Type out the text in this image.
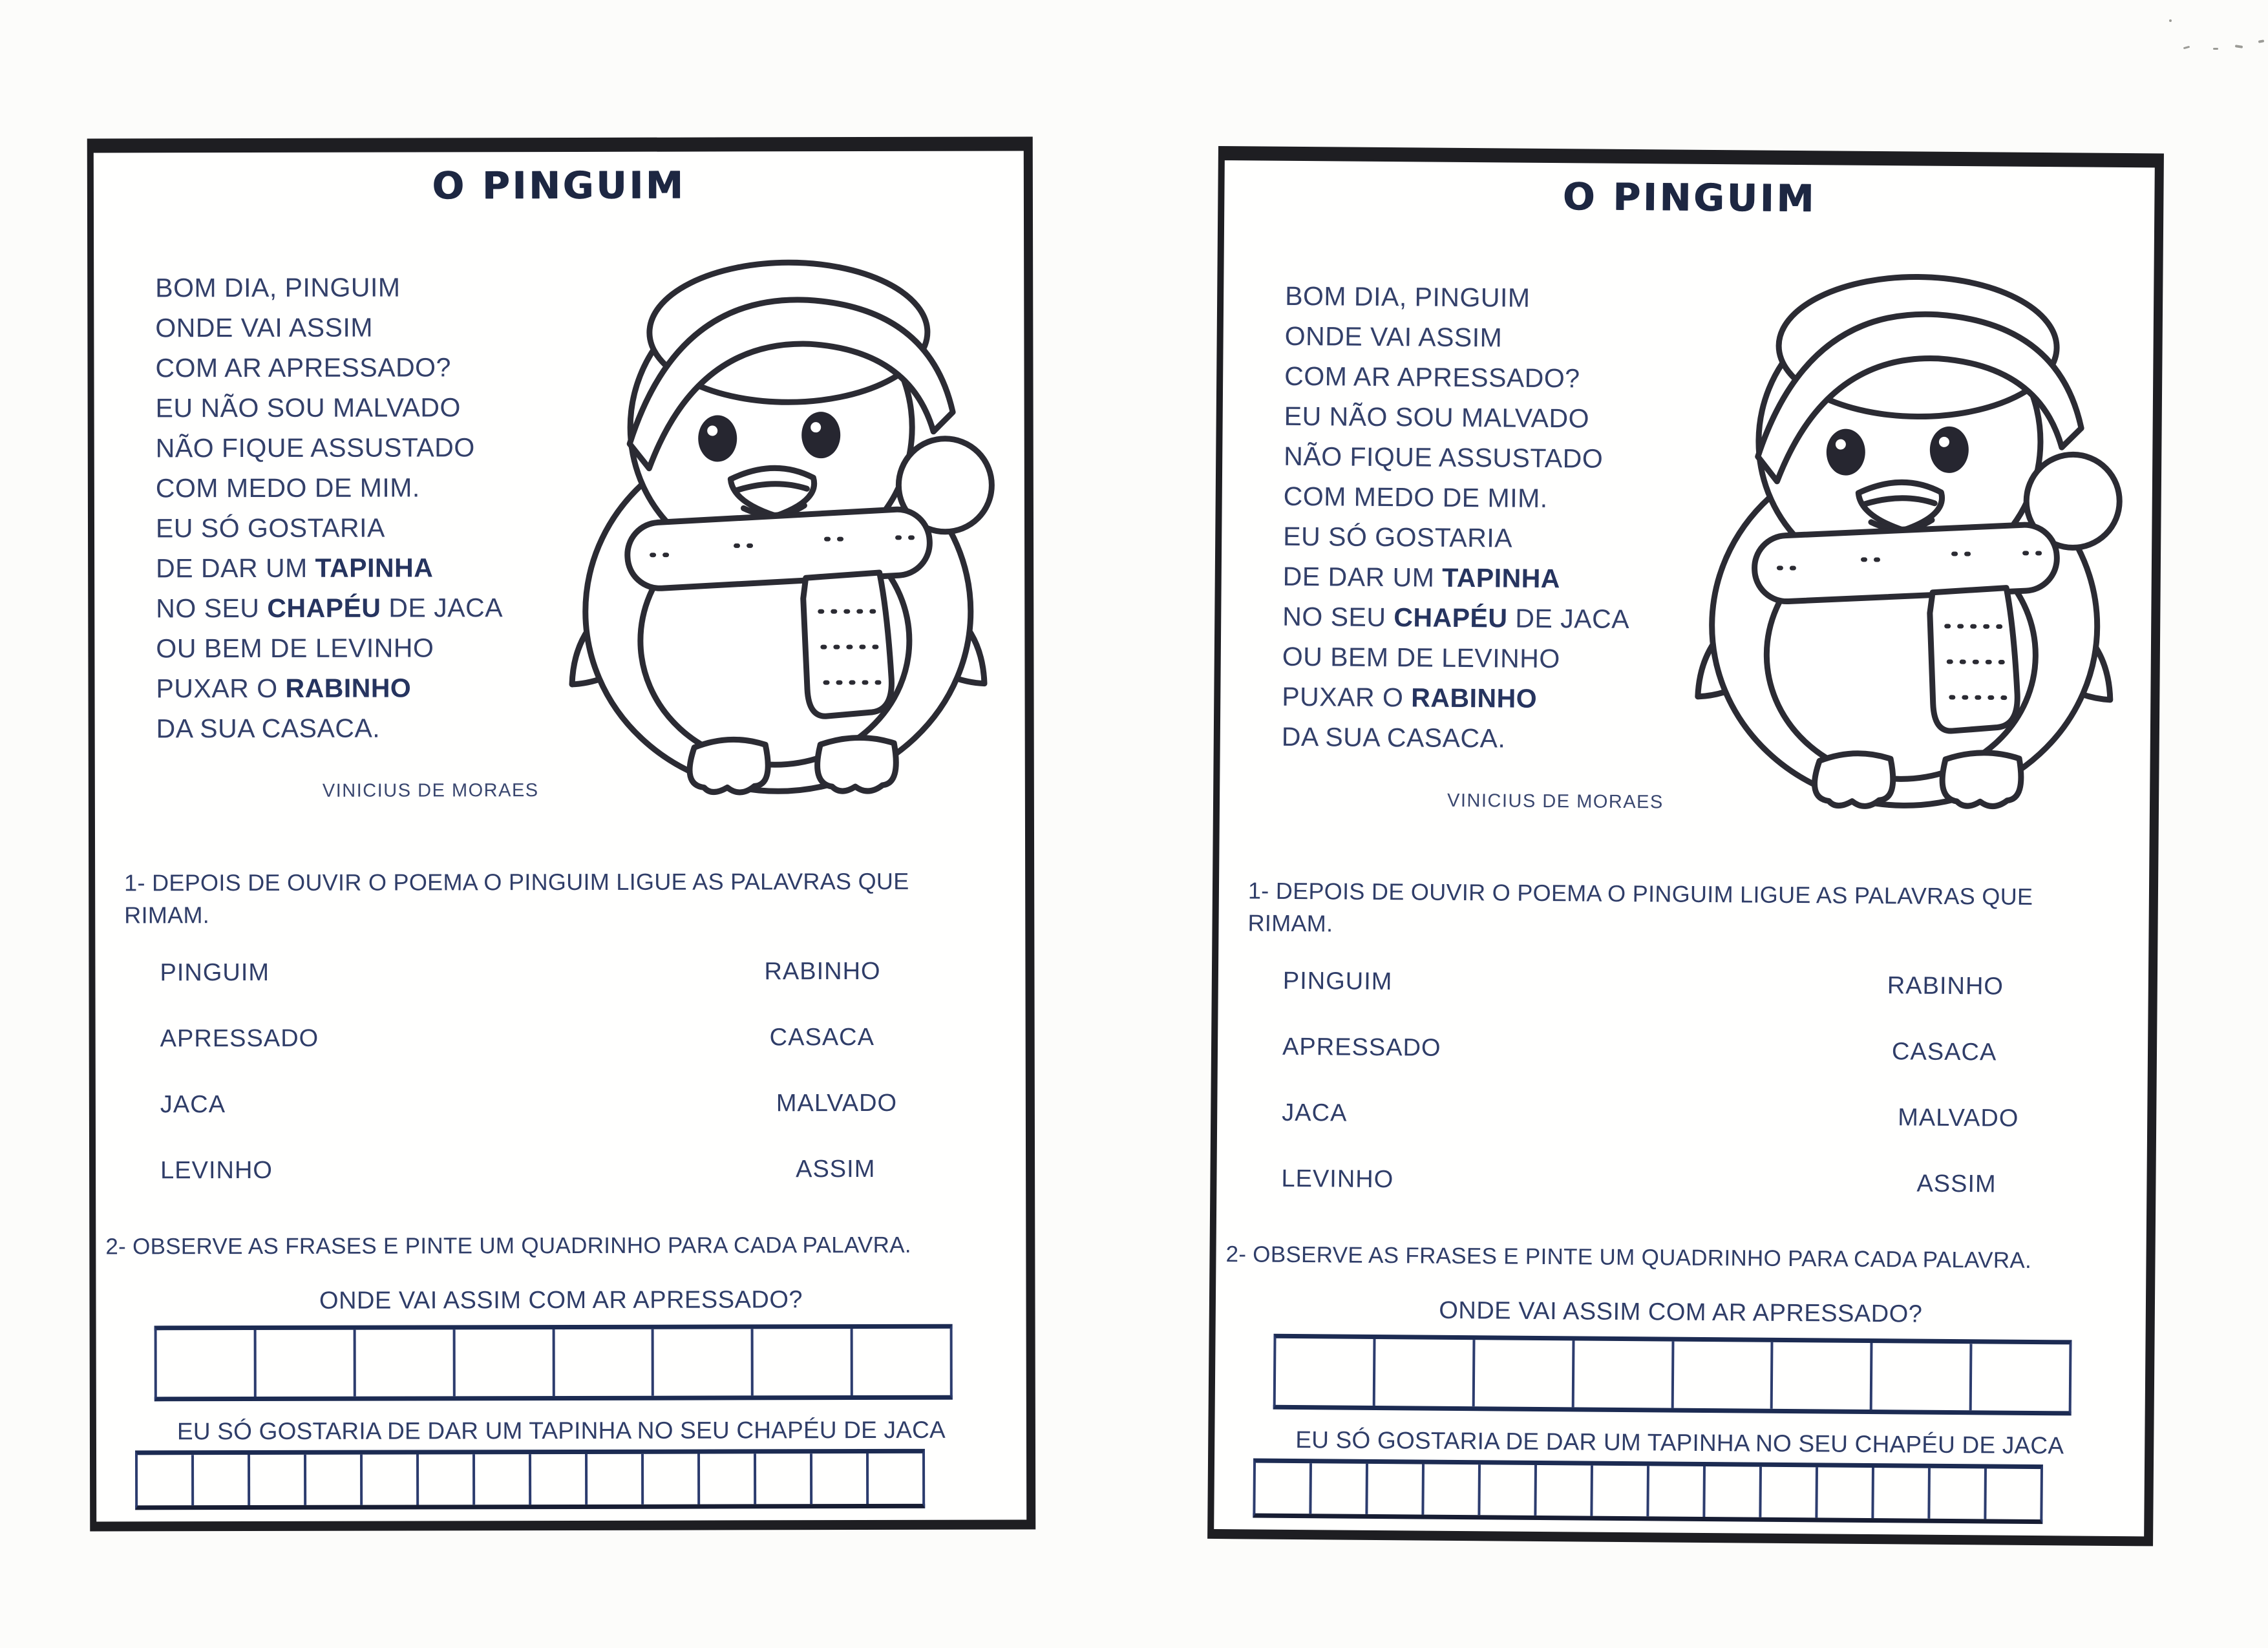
O PINGUIM
BOM DIA, PINGUIM
ONDE VAI ASSIM
COM AR APRESSADO?
EU NÃO SOU MALVADO
NÃO FIQUE ASSUSTADO
COM MEDO DE MIM.
EU SÓ GOSTARIA
DE DAR UM TAPINHA
NO SEU CHAPÉU DE JACA
OU BEM DE LEVINHO
PUXAR O RABINHO
DA SUA CASACA.
VINICIUS DE MORAES
1- DEPOIS DE OUVIR O POEMA O PINGUIM LIGUE AS PALAVRAS QUE RIMAM.
PINGUIM
APRESSADO
JACA
LEVINHO
RABINHO
CASACA
MALVADO
ASSIM
2- OBSERVE AS FRASES E PINTE UM QUADRINHO PARA CADA PALAVRA.
ONDE VAI ASSIM COM AR APRESSADO?
EU SÓ GOSTARIA DE DAR UM TAPINHA NO SEU CHAPÉU DE JACA
O PINGUIM
BOM DIA, PINGUIM
ONDE VAI ASSIM
COM AR APRESSADO?
EU NÃO SOU MALVADO
NÃO FIQUE ASSUSTADO
COM MEDO DE MIM.
EU SÓ GOSTARIA
DE DAR UM TAPINHA
NO SEU CHAPÉU DE JACA
OU BEM DE LEVINHO
PUXAR O RABINHO
DA SUA CASACA.
VINICIUS DE MORAES
1- DEPOIS DE OUVIR O POEMA O PINGUIM LIGUE AS PALAVRAS QUE RIMAM.
PINGUIM
APRESSADO
JACA
LEVINHO
RABINHO
CASACA
MALVADO
ASSIM
2- OBSERVE AS FRASES E PINTE UM QUADRINHO PARA CADA PALAVRA.
ONDE VAI ASSIM COM AR APRESSADO?
EU SÓ GOSTARIA DE DAR UM TAPINHA NO SEU CHAPÉU DE JACA
